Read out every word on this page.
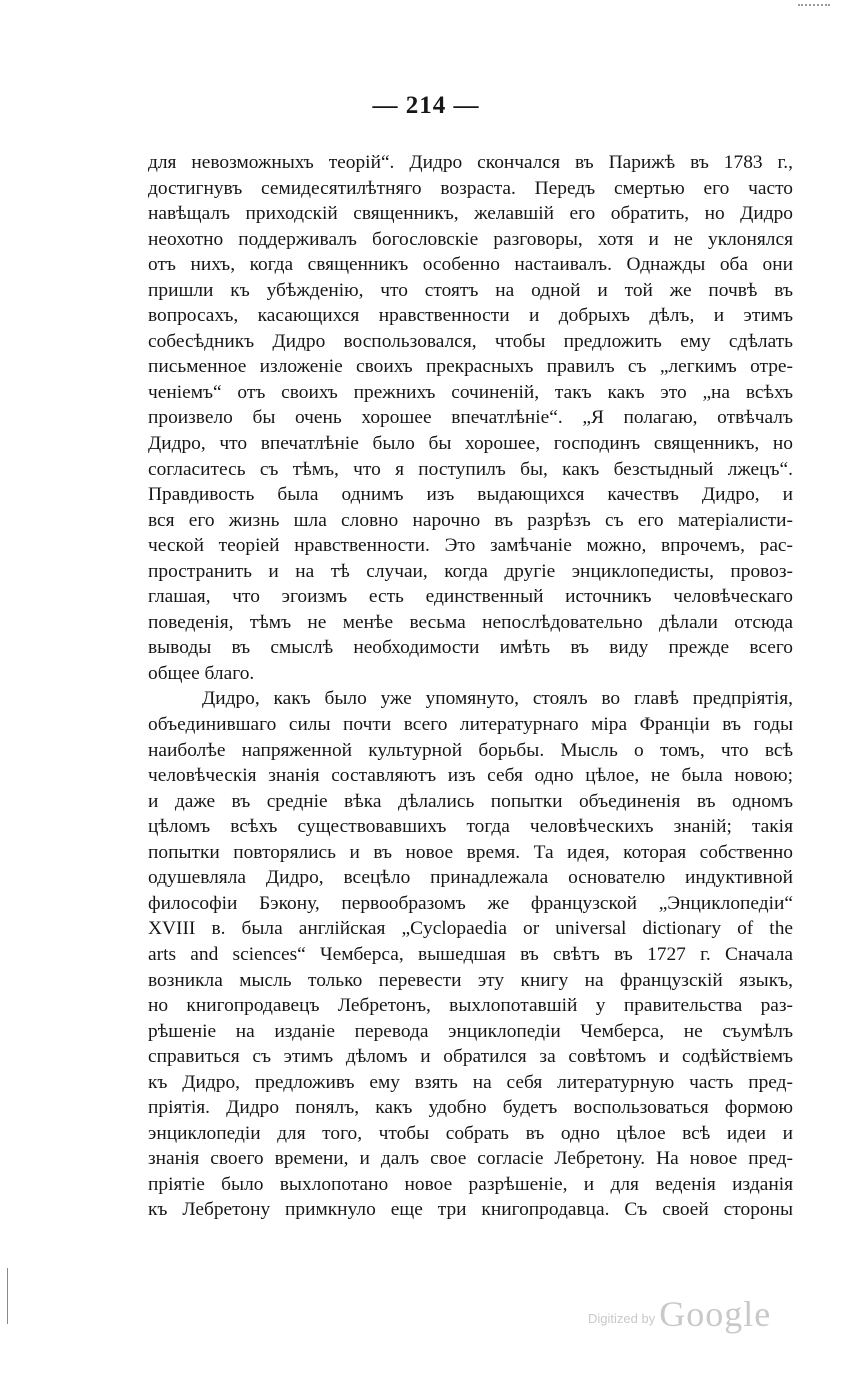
— 214 —
для невозможныхъ теорій“. Дидро скончался въ Парижѣ въ 1783 г.,
достигнувъ семидесятилѣтняго возраста. Передъ смертью его часто
навѣщалъ приходскій священникъ, желавшій его обратить, но Дидро
неохотно поддерживалъ богословскіе разговоры, хотя и не уклонялся
отъ нихъ, когда священникъ особенно настаивалъ. Однажды оба они
пришли къ убѣжденію, что стоятъ на одной и той же почвѣ въ
вопросахъ, касающихся нравственности и добрыхъ дѣлъ, и этимъ
собесѣдникъ Дидро воспользовался, чтобы предложить ему сдѣлать
письменное изложеніе своихъ прекрасныхъ правилъ съ „легкимъ отре-
ченіемъ“ отъ своихъ прежнихъ сочиненій, такъ какъ это „на всѣхъ
произвело бы очень хорошее впечатлѣніе“. „Я полагаю, отвѣчалъ
Дидро, что впечатлѣніе было бы хорошее, господинъ священникъ, но
согласитесь съ тѣмъ, что я поступилъ бы, какъ безстыдный лжецъ“.
Правдивость была однимъ изъ выдающихся качествъ Дидро, и
вся его жизнь шла словно нарочно въ разрѣзъ съ его матеріалисти-
ческой теоріей нравственности. Это замѣчаніе можно, впрочемъ, рас-
пространить и на тѣ случаи, когда другіе энциклопедисты, провоз-
глашая, что эгоизмъ есть единственный источникъ человѣческаго
поведенія, тѣмъ не менѣе весьма непослѣдовательно дѣлали отсюда
выводы въ смыслѣ необходимости имѣть въ виду прежде всего
общее благо.
Дидро, какъ было уже упомянуто, стоялъ во главѣ предпріятія,
объединившаго силы почти всего литературнаго міра Франціи въ годы
наиболѣе напряженной культурной борьбы. Мысль о томъ, что всѣ
человѣческія знанія составляютъ изъ себя одно цѣлое, не была новою;
и даже въ средніе вѣка дѣлались попытки объединенія въ одномъ
цѣломъ всѣхъ существовавшихъ тогда человѣческихъ знаній; такія
попытки повторялись и въ новое время. Та идея, которая собственно
одушевляла Дидро, всецѣло принадлежала основателю индуктивной
философіи Бэкону, первообразомъ же французской „Энциклопедіи“
XVIII в. была англійская „Cyclopaedia or universal dictionary of the
arts and sciences“ Чемберса, вышедшая въ свѣтъ въ 1727 г. Сначала
возникла мысль только перевести эту книгу на французскій языкъ,
но книгопродавецъ Лебретонъ, выхлопотавшій у правительства раз-
рѣшеніе на изданіе перевода энциклопедіи Чемберса, не съумѣлъ
справиться съ этимъ дѣломъ и обратился за совѣтомъ и содѣйствіемъ
къ Дидро, предложивъ ему взять на себя литературную часть пред-
пріятія. Дидро понялъ, какъ удобно будетъ воспользоваться формою
энциклопедіи для того, чтобы собрать въ одно цѣлое всѣ идеи и
знанія своего времени, и далъ свое согласіе Лебретону. На новое пред-
пріятіе было выхлопотано новое разрѣшеніе, и для веденія изданія
къ Лебретону примкнуло еще три книгопродавца. Съ своей стороны
Digitized by Google
